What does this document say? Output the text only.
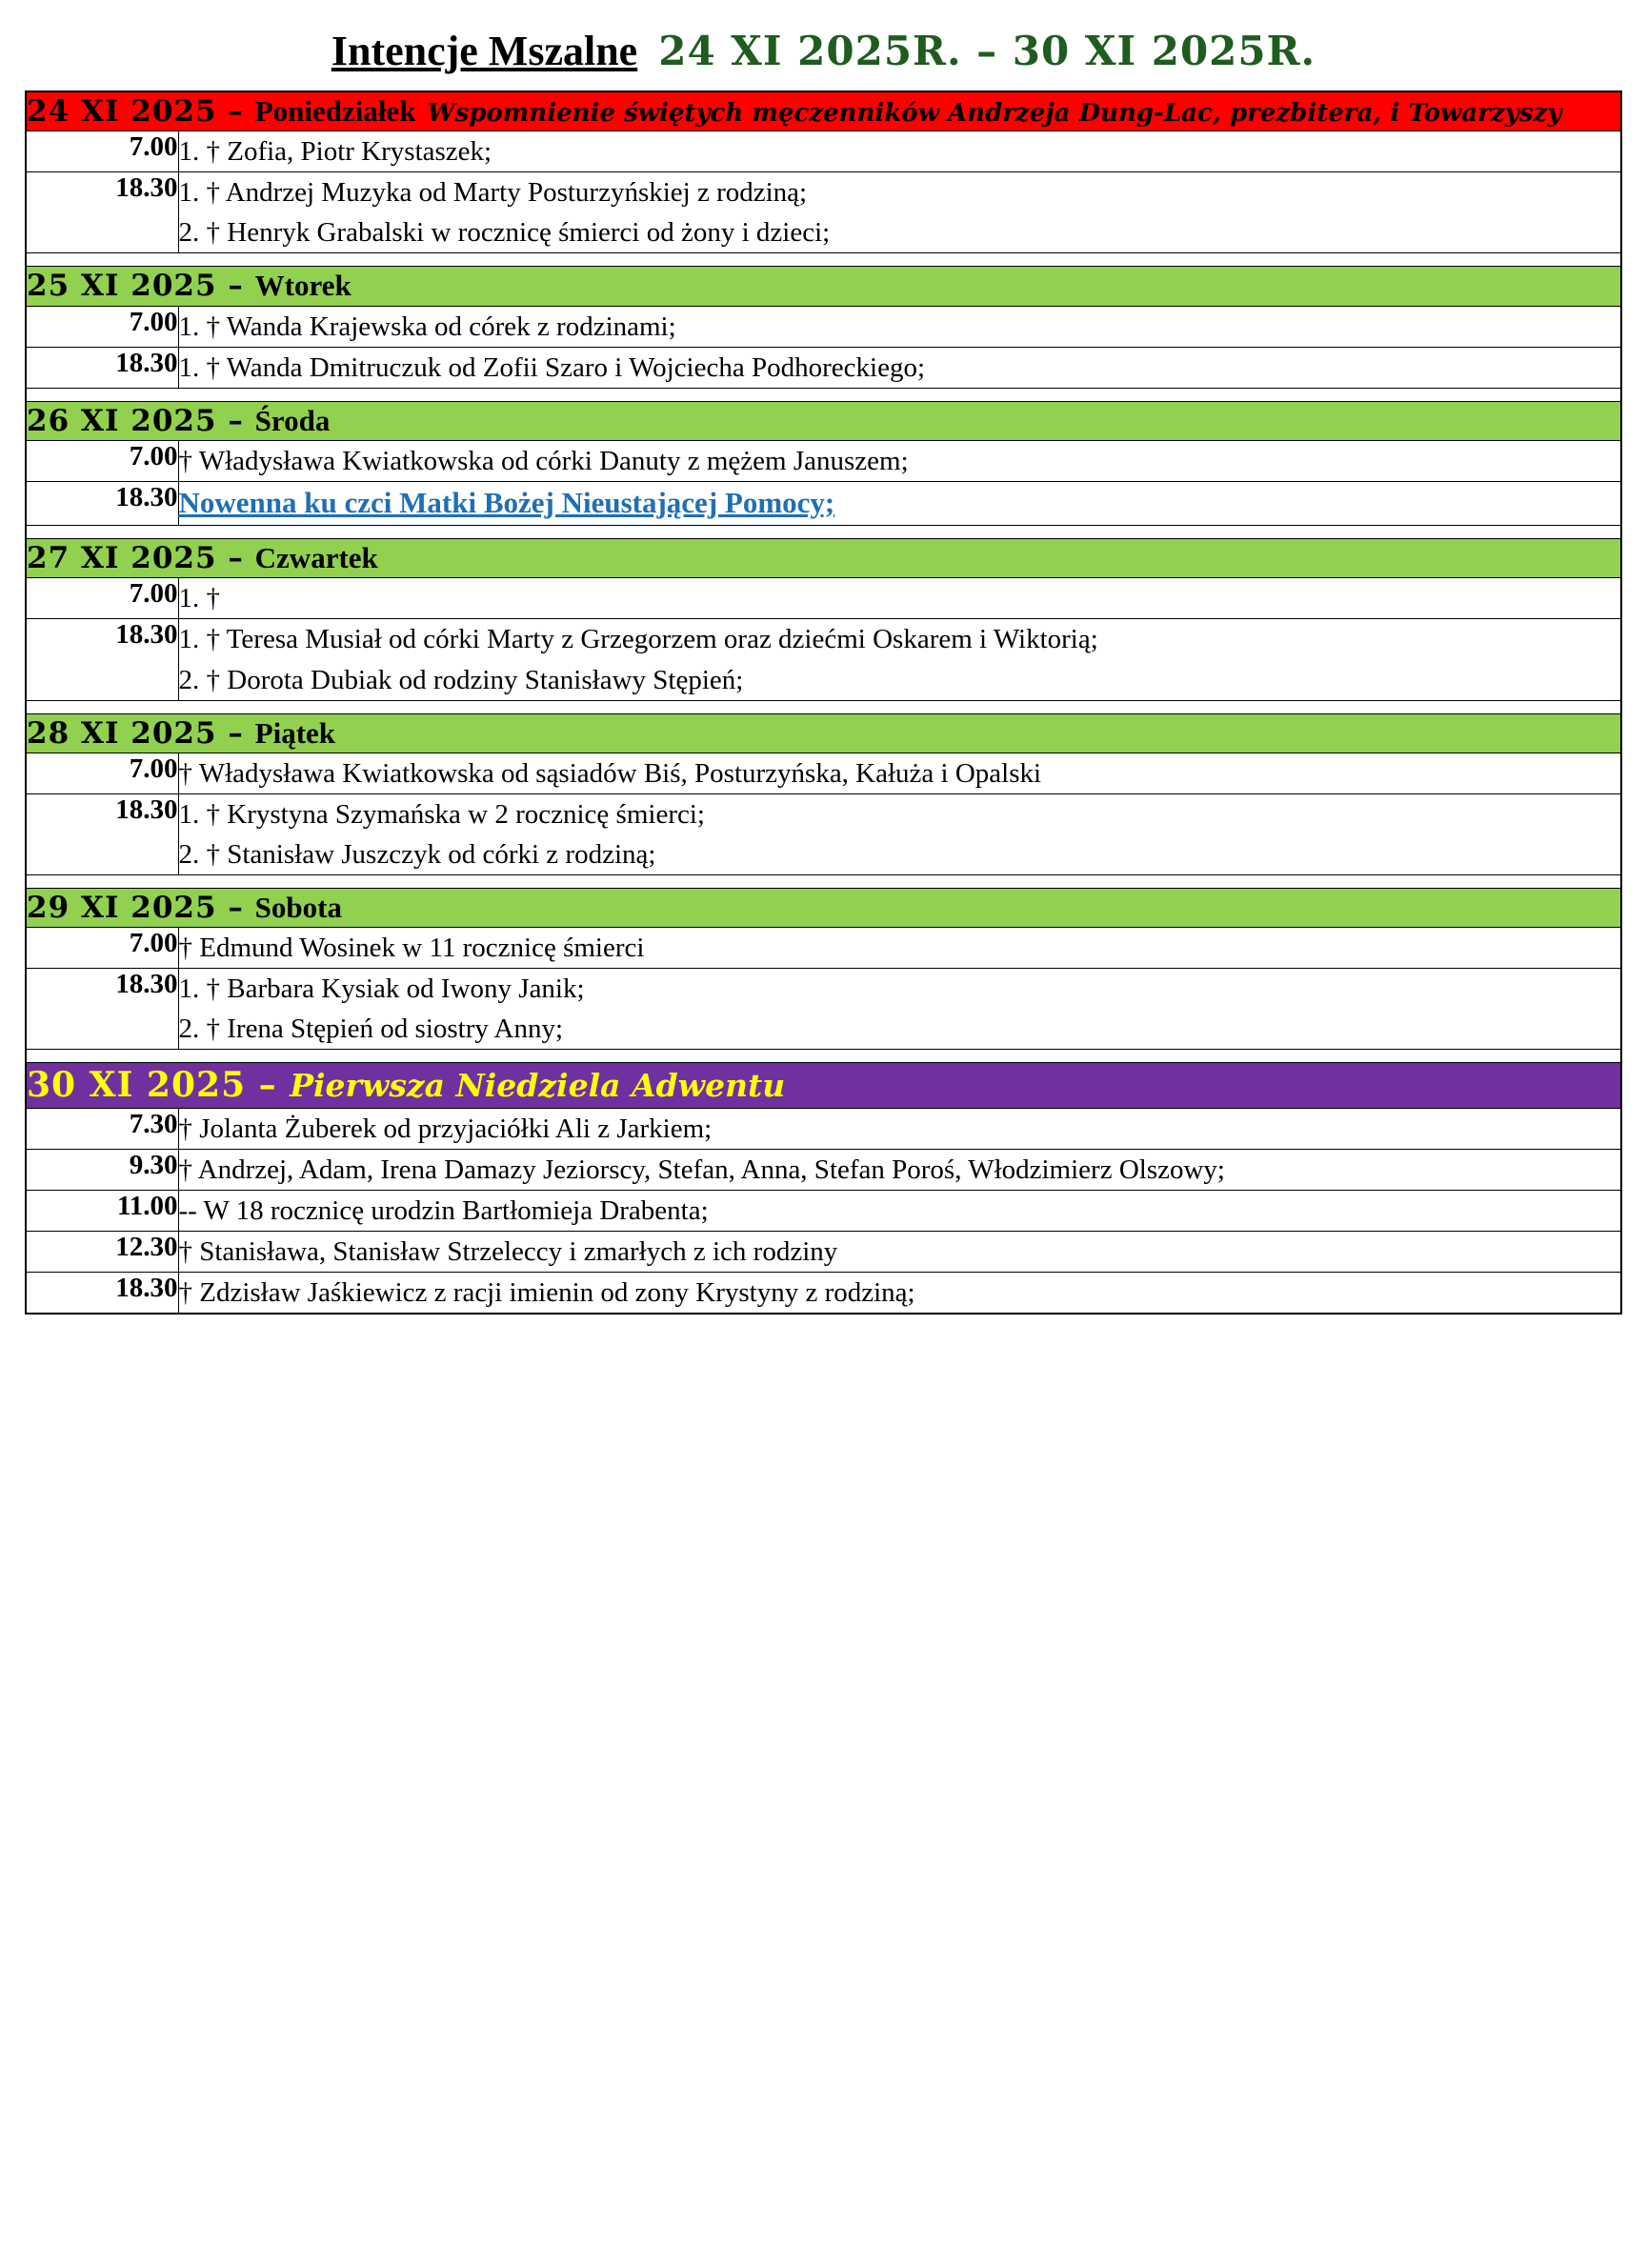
Intencje Mszalne 24 XI 2025R. – 30 XI 2025R.
24 XI 2025 – Poniedziałek Wspomnienie świętych męczenników Andrzeja Dung-Lac, prezbitera, i Towarzyszy	
7.00	1. † Zofia, Piotr Krystaszek;

18.30	1. † Andrzej Muzyka od Marty Posturzyńskiej z rodziną;
2. † Henryk Grabalski w rocznicę śmierci od żony i dzieci;

25 XI 2025 – Wtorek	
7.00	1. † Wanda Krajewska od córek z rodzinami;

18.30	1. † Wanda Dmitruczuk od Zofii Szaro i Wojciecha Podhoreckiego;

26 XI 2025 – Środa	
7.00	† Władysława Kwiatkowska od córki Danuty z mężem Januszem;

18.30	Nowenna ku czci Matki Bożej Nieustającej Pomocy;

27 XI 2025 – Czwartek	
7.00	1. †

18.30	1. † Teresa Musiał od córki Marty z Grzegorzem oraz dziećmi Oskarem i Wiktorią;
2. † Dorota Dubiak od rodziny Stanisławy Stępień;

28 XI 2025 – Piątek	
7.00	† Władysława Kwiatkowska od sąsiadów Biś, Posturzyńska, Kałuża i Opalski

18.30	1. † Krystyna Szymańska w 2 rocznicę śmierci;
2. † Stanisław Juszczyk od córki z rodziną;

29 XI 2025 – Sobota	
7.00	† Edmund Wosinek w 11 rocznicę śmierci

18.30	1. † Barbara Kysiak od Iwony Janik;
2. † Irena Stępień od siostry Anny;

30 XI 2025 – Pierwsza Niedziela Adwentu	
7.30	† Jolanta Żuberek od przyjaciółki Ali z Jarkiem;

9.30	† Andrzej, Adam, Irena Damazy Jeziorscy, Stefan, Anna, Stefan Poroś, Włodzimierz Olszowy;

11.00	-- W 18 rocznicę urodzin Bartłomieja Drabenta;

12.30	† Stanisława, Stanisław Strzeleccy i zmarłych z ich rodziny

18.30	† Zdzisław Jaśkiewicz z racji imienin od zony Krystyny z rodziną;
